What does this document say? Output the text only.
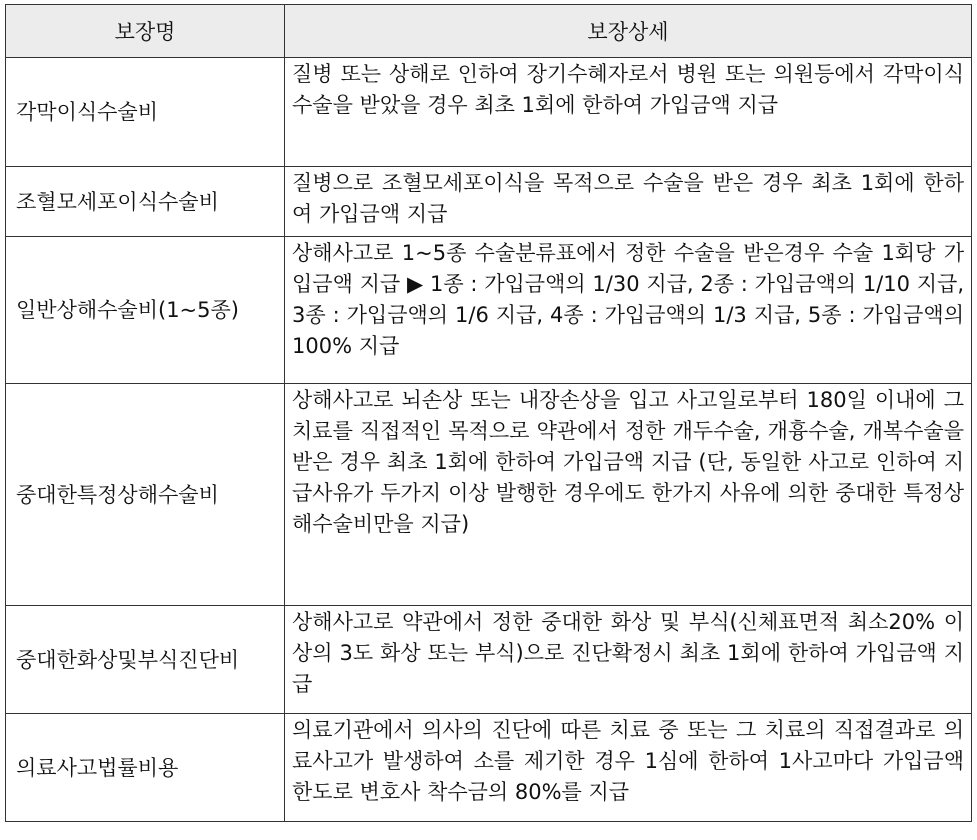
보장명	보장상세
각막이식수술비	질병 또는 상해로 인하여 장기수혜자로서 병원 또는 의원등에서 각막이식수술을 받았을 경우 최초 1회에 한하여 가입금액 지급
조혈모세포이식수술비	질병으로 조혈모세포이식을 목적으로 수술을 받은 경우 최초 1회에 한하여 가입금액 지급
일반상해수술비(1~5종)	상해사고로 1~5종 수술분류표에서 정한 수술을 받은경우 수술 1회당 가입금액 지급 ▶ 1종 : 가입금액의 1/30 지급, 2종 : 가입금액의 1/10 지급, 3종 : 가입금액의 1/6 지급, 4종 : 가입금액의 1/3 지급, 5종 : 가입금액의 100% 지급
중대한특정상해수술비	상해사고로 뇌손상 또는 내장손상을 입고 사고일로부터 180일 이내에 그 치료를 직접적인 목적으로 약관에서 정한 개두수술, 개흉수술, 개복수술을 받은 경우 최초 1회에 한하여 가입금액 지급 (단, 동일한 사고로 인하여 지급사유가 두가지 이상 발행한 경우에도 한가지 사유에 의한 중대한 특정상해수술비만을 지급)
중대한화상및부식진단비	상해사고로 약관에서 정한 중대한 화상 및 부식(신체표면적 최소20% 이상의 3도 화상 또는 부식)으로 진단확정시 최초 1회에 한하여 가입금액 지급
의료사고법률비용	의료기관에서 의사의 진단에 따른 치료 중 또는 그 치료의 직접결과로 의료사고가 발생하여 소를 제기한 경우 1심에 한하여 1사고마다 가입금액 한도로 변호사 착수금의 80%를 지급
